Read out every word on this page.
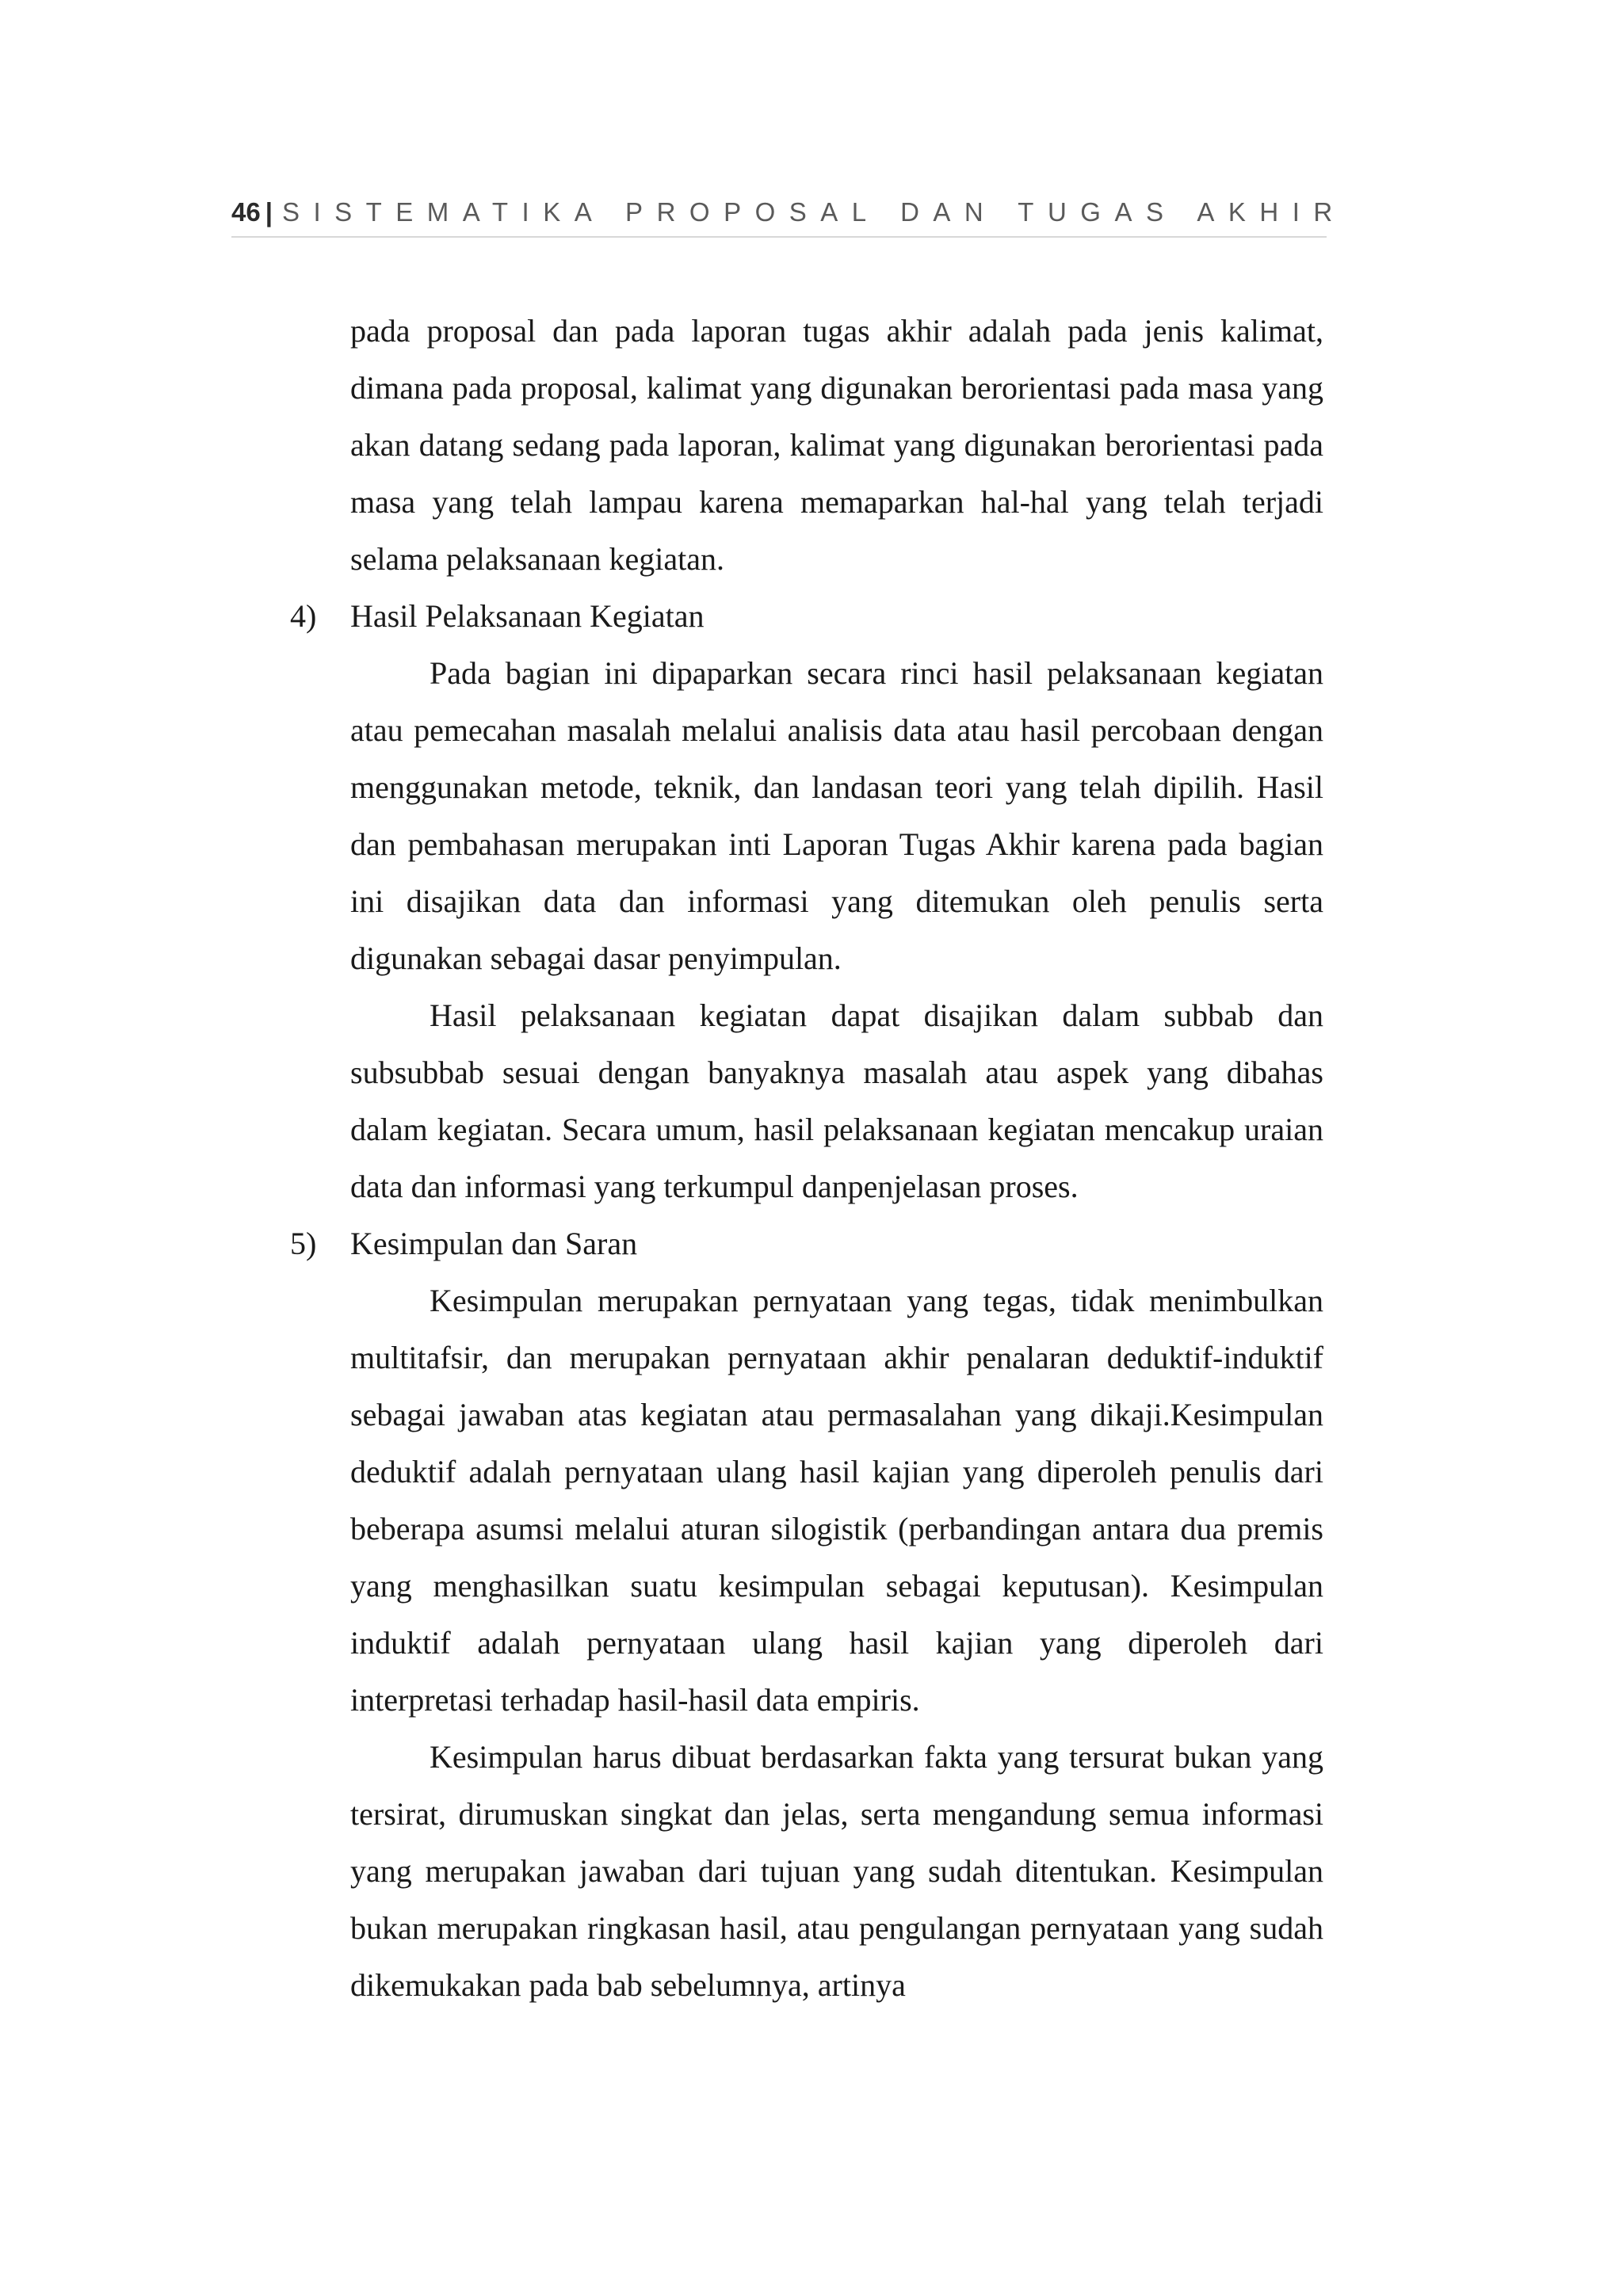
46 | SISTEMATIKA PROPOSAL DAN TUGAS AKHIR

pada proposal dan pada laporan tugas akhir adalah pada jenis kalimat, dimana pada proposal, kalimat yang digunakan berorientasi pada masa yang akan datang sedang pada laporan, kalimat yang digunakan berorientasi pada masa yang telah lampau karena memaparkan hal-hal yang telah terjadi selama pelaksanaan kegiatan.

4) Hasil Pelaksanaan Kegiatan

Pada bagian ini dipaparkan secara rinci hasil pelaksanaan kegiatan atau pemecahan masalah melalui analisis data atau hasil percobaan dengan menggunakan metode, teknik, dan landasan teori yang telah dipilih. Hasil dan pembahasan merupakan inti Laporan Tugas Akhir karena pada bagian ini disajikan data dan informasi yang ditemukan oleh penulis serta digunakan sebagai dasar penyimpulan.

Hasil pelaksanaan kegiatan dapat disajikan dalam subbab dan subsubbab sesuai dengan banyaknya masalah atau aspek yang dibahas dalam kegiatan. Secara umum, hasil pelaksanaan kegiatan mencakup uraian data dan informasi yang terkumpul danpenjelasan proses.

5) Kesimpulan dan Saran

Kesimpulan merupakan pernyataan yang tegas, tidak menimbulkan multitafsir, dan merupakan pernyataan akhir penalaran deduktif-induktif sebagai jawaban atas kegiatan atau permasalahan yang dikaji.Kesimpulan deduktif adalah pernyataan ulang hasil kajian yang diperoleh penulis dari beberapa asumsi melalui aturan silogistik (perbandingan antara dua premis yang menghasilkan suatu kesimpulan sebagai keputusan). Kesimpulan induktif adalah pernyataan ulang hasil kajian yang diperoleh dari interpretasi terhadap hasil-hasil data empiris.

Kesimpulan harus dibuat berdasarkan fakta yang tersurat bukan yang tersirat, dirumuskan singkat dan jelas, serta mengandung semua informasi yang merupakan jawaban dari tujuan yang sudah ditentukan. Kesimpulan bukan merupakan ringkasan hasil, atau pengulangan pernyataan yang sudah dikemukakan pada bab sebelumnya, artinya
